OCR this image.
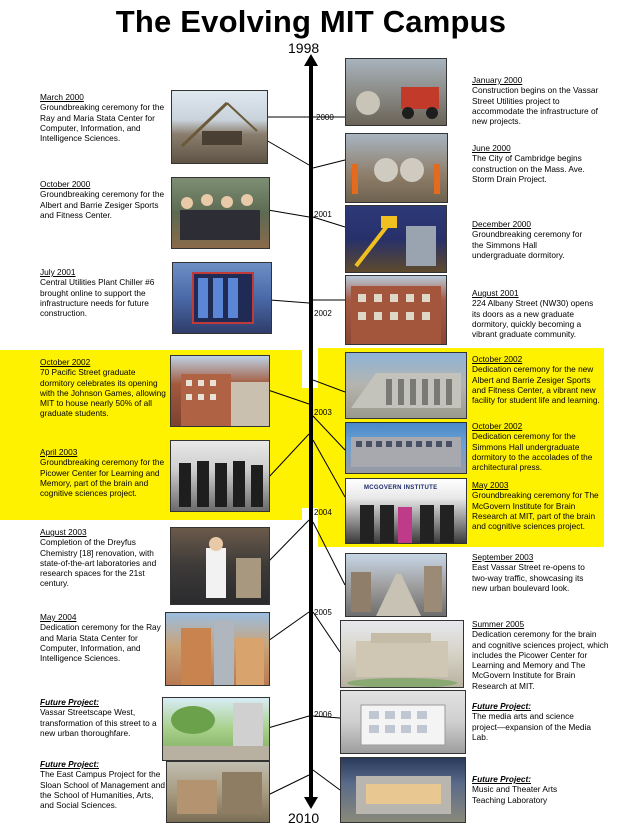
The Evolving MIT Campus
1998
2010
2000
2001
2002
2003
2004
2005
2006
MCGOVERN INSTITUTE
March 2000
Groundbreaking ceremony for the Ray and Maria Stata Center for Computer, Information, and Intelligence Sciences.
October 2000
Groundbreaking ceremony for the Albert and Barrie Zesiger Sports and Fitness Center.
July 2001
Central Utilities Plant Chiller #6 brought online to support the infrastructure needs for future construction.
October 2002
70 Pacific Street graduate dormitory celebrates its opening with the Johnson Games, allowing MIT to house nearly 50% of all graduate students.
April 2003
Groundbreaking ceremony for the Picower Center for Learning and Memory, part of the brain and cognitive sciences project.
August 2003
Completion of the Dreyfus Chemistry [18] renovation, with state-of-the-art laboratories and research spaces for the 21st century.
May 2004
Dedication ceremony for the Ray and Maria Stata Center for Computer, Information, and Intelligence Sciences.
Future Project:
Vassar Streetscape West, transformation of this street to a new urban thoroughfare.
Future Project:
The East Campus Project for the Sloan School of Management and the School of Humanities, Arts, and Social Sciences.
January 2000
Construction begins on the Vassar Street Utilities project to accommodate the infrastructure of new projects.
June 2000
The City of Cambridge begins construction on the Mass. Ave. Storm Drain Project.
December 2000
Groundbreaking ceremony for the Simmons Hall undergraduate dormitory.
August 2001
224 Albany Street (NW30) opens its doors as a new graduate dormitory, quickly becoming a vibrant graduate community.
October 2002
Dedication ceremony for the new Albert and Barrie Zesiger Sports and Fitness Center, a vibrant new facility for student life and learning.
October 2002
Dedication ceremony for the Simmons Hall undergraduate dormitory to the accolades of the architectural press.
May 2003
Groundbreaking ceremony for The McGovern Institute for Brain Research at MIT, part of the brain and cognitive sciences project.
September 2003
East Vassar Street re-opens to two-way traffic, showcasing its new urban boulevard look.
Summer 2005
Dedication ceremony for the brain and cognitive sciences project, which includes the Picower Center for Learning and Memory and The McGovern Institute for Brain Research at MIT.
Future Project:
The media arts and science project—expansion of the Media Lab.
Future Project:
Music and Theater Arts Teaching Laboratory
